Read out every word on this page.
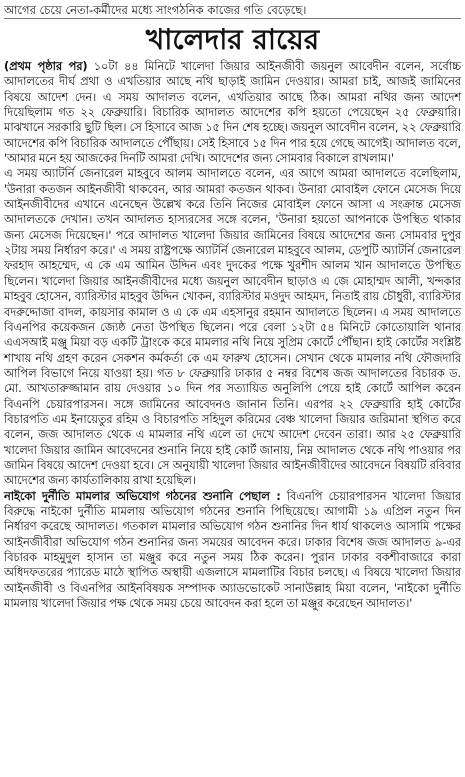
আগের চেয়ে নেতা-কর্মীদের মধ্যে সাংগঠনিক কাজের গতি বেড়েছে।
খালেদার রায়ের

(প্রথম পৃষ্ঠার পর) ১০টা ৪৪ মিনিটে খালেদা জিয়ার আইনজীবী জয়নুল আবেদীন বলেন, সর্বোচ্চ আদালতের দীর্ঘ প্রথা ও এখতিয়ার আছে নথি ছাড়াই জামিন দেওয়ার। আমরা চাই, আজই জামিনের বিষয়ে আদেশ দেন। এ সময় আদালত বলেন, এখতিয়ার আছে ঠিক। আমরা নথির জন্য আদেশ দিয়েছিলাম গত ২২ ফেব্রুয়ারি। বিচারিক আদালত আদেশের কপি হয়তো পেয়েছেন ২৫ ফেব্রুয়ারি। মাঝখানে সরকারি ছুটি ছিল। সে হিসাবে আজ ১৫ দিন শেষ হচ্ছে। জয়নুল আবেদীন বলেন, ২২ ফেব্রুয়ারি আদেশের কপি বিচারিক আদালতে পৌঁছায়। সেই হিসাবে ১৫ দিন পার হয়ে গেছে আগেই। আদালত বলে, 'আমার মনে হয় আজকের দিনটি আমরা দেখি। আদেশের জন্য সোমবার বিকালে রাখলাম।'

এ সময় অ্যাটর্নি জেনারেল মাহবুবে আলম আদালতে বলেন, এর আগে আমরা আদালতে বলেছিলাম, 'উনারা কতজন আইনজীবী থাকবেন, আর আমরা কতজন থাকব। উনারা মোবাইল ফোনে মেসেজ দিয়ে আইনজীবীদের এখানে এনেছেন উল্লেখ করে তিনি নিজের মোবাইল ফোনে আসা এ সংক্রান্ত মেসেজ আদালতকে দেখান। তখন আদালত হাস্যরসের সঙ্গে বলেন, 'উনারা হয়তো আপনাকে উপস্থিত থাকার জন্য মেসেজ দিয়েছেন।' পরে আদালত খালেদা জিয়ার জামিনের বিষয়ে আদেশের জন্য সোমবার দুপুর ২টায় সময় নির্ধারণ করে।' এ সময় রাষ্ট্রপক্ষে অ্যাটর্নি জেনারেল মাহবুবে আলম, ডেপুটি অ্যাটর্নি জেনারেল ফরহাদ আহম্মেদ, এ কে এম আমিন উদ্দিন এবং দুদকের পক্ষে খুরশীদ আলম খান আদালতে উপস্থিত ছিলেন। খালেদা জিয়ার আইনজীবীদের মধ্যে জয়নুল আবেদীন ছাড়াও এ জে মোহাম্মদ আলী, খন্দকার মাহবুব হোসেন, ব্যারিস্টার মাহবুব উদ্দিন খোকন, ব্যারিস্টার মওদুদ আহমদ, নিতাই রায় চৌধুরী, ব্যারিস্টার বদরুদ্দোজা বাদল, কায়সার কামাল ও এ কে এম এহসানুর রহমান আদালতে ছিলেন। এ সময় আদালতে বিএনপির কয়েকজন জ্যেষ্ঠ নেতা উপস্থিত ছিলেন। পরে বেলা ১২টা ৫৪ মিনিটে কোতোয়ালি থানার এএসআই মঞ্জু মিয়া বড় একটি ট্রাংকে করে মামলার নথি নিয়ে সুপ্রিম কোর্টে পৌঁছান। হাই কোর্টের সংশ্লিষ্ট শাখায় নথি গ্রহণ করেন সেকশন কর্মকর্তা কে এম ফারুখ হোসেন। সেখান থেকে মামলার নথি ফৌজদারি আপিল বিভাগে নিয়ে যাওয়া হয়। গত ৮ ফেব্রুয়ারি ঢাকার ৫ নম্বর বিশেষ জজ আদালতের বিচারক ড. মো. আখতারুজ্জামান রায় দেওয়ার ১০ দিন পর সত্যায়িত অনুলিপি পেয়ে হাই কোর্টে আপিল করেন বিএনপি চেয়ারপারসন। সঙ্গে জামিনের আবেদনও জানান তিনি। এরপর ২২ ফেব্রুয়ারি হাই কোর্টের বিচারপতি এম ইনায়েতুর রহিম ও বিচারপতি সহিদুল করিমের বেঞ্চ খালেদা জিয়ার জরিমানা স্থগিত করে বলেন, জজ আদালত থেকে এ মামলার নথি এলে তা দেখে আদেশ দেবেন তারা। আর ২৫ ফেব্রুয়ারি খালেদা জিয়ার জামিন আবেদনের শুনানি নিয়ে হাই কোর্ট জানায়, নিম্ন আদালত থেকে নথি পাওয়ার পর জামিন বিষয়ে আদেশ দেওয়া হবে। সে অনুযায়ী খালেদা জিয়ার আইনজীবীদের আবেদনে বিষয়টি রবিবার আদেশের জন্য কার্যতালিকায় রাখা হয়েছিল।

নাইকো দুর্নীতি মামলার অভিযোগ গঠনের শুনানি পেছাল : বিএনপি চেয়ারপারসন খালেদা জিয়ার বিরুদ্ধে নাইকো দুর্নীতি মামলায় অভিযোগ গঠনের শুনানি পিছিয়েছে। আগামী ১৯ এপ্রিল নতুন দিন নির্ধারণ করেছে আদালত। গতকাল মামলার অভিযোগ গঠন শুনানির দিন ধার্য থাকলেও আসামি পক্ষের আইনজীবীরা অভিযোগ গঠন শুনানির জন্য সময়ের আবেদন করে। ঢাকার বিশেষ জজ আদালত ৯-এর বিচারক মাহমুদুল হাসান তা মঞ্জুর করে নতুন সময় ঠিক করেন। পুরান ঢাকার বকশীবাজারে কারা অধিদফতরের প্যারেড মাঠে স্থাপিত অস্থায়ী এজলাসে মামলাটির বিচার চলছে। এ বিষয়ে খালেদা জিয়ার আইনজীবী ও বিএনপির আইনবিষয়ক সম্পাদক অ্যাডভোকেট সানাউল্লাহ মিয়া বলেন, 'নাইকো দুর্নীতি মামলায় খালেদা জিয়ার পক্ষ থেকে সময় চেয়ে আবেদন করা হলে তা মঞ্জুর করেছেন আদালত।'
